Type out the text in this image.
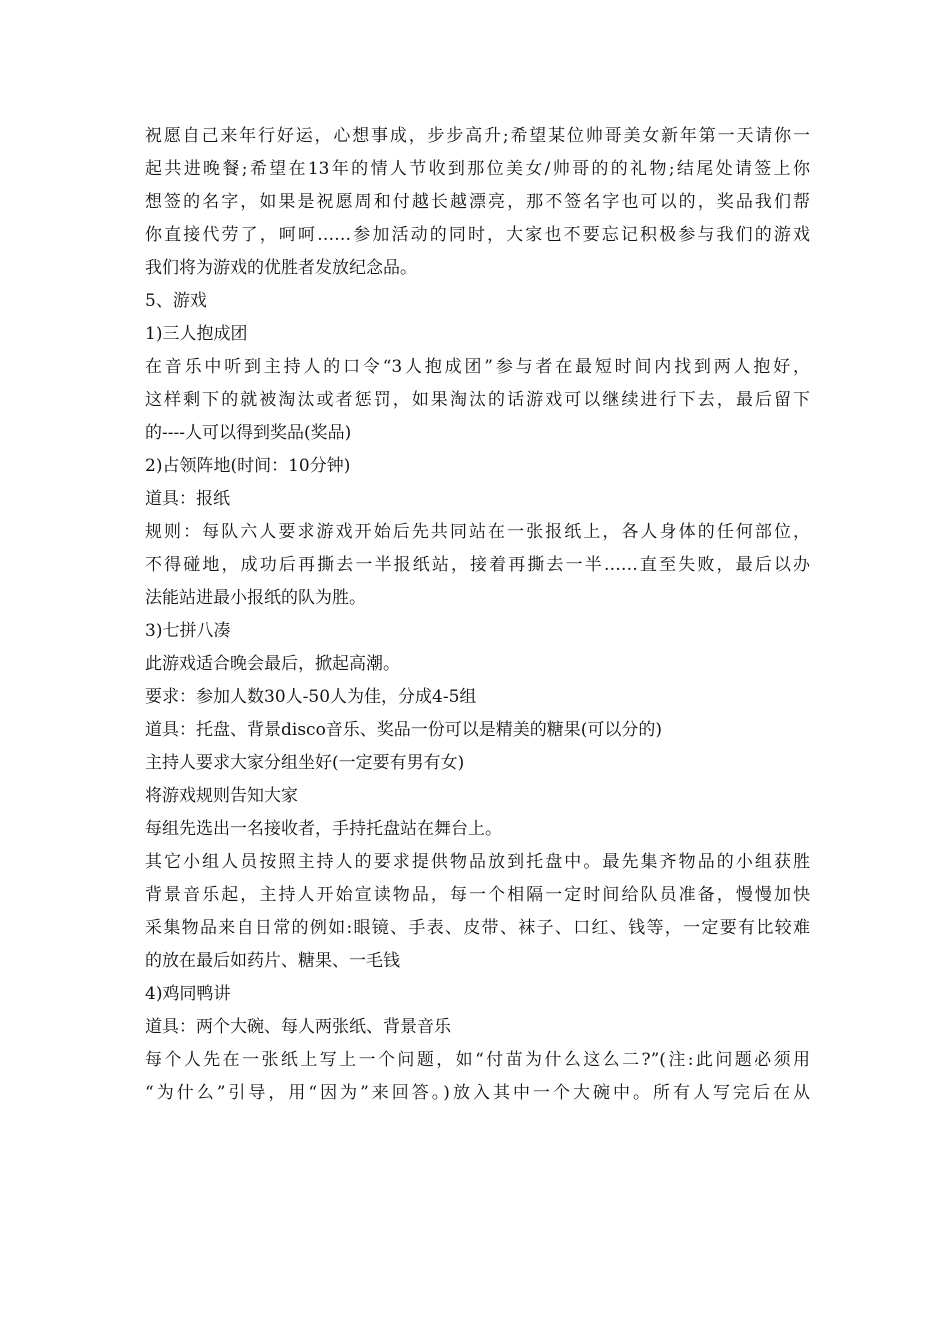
祝愿自己来年行好运，心想事成，步步高升;希望某位帅哥美女新年第一天请你一
起共进晚餐;希望在13年的情人节收到那位美女/帅哥的的礼物;结尾处请签上你
想签的名字，如果是祝愿周和付越长越漂亮，那不签名字也可以的，奖品我们帮
你直接代劳了，呵呵……参加活动的同时，大家也不要忘记积极参与我们的游戏
我们将为游戏的优胜者发放纪念品。
5、游戏
1)三人抱成团
在音乐中听到主持人的口令“3人抱成团”参与者在最短时间内找到两人抱好，
这样剩下的就被淘汰或者惩罚，如果淘汰的话游戏可以继续进行下去，最后留下
的----人可以得到奖品(奖品)
2)占领阵地(时间：10分钟)
道具：报纸
规则：每队六人要求游戏开始后先共同站在一张报纸上，各人身体的任何部位，
不得碰地，成功后再撕去一半报纸站，接着再撕去一半……直至失败，最后以办
法能站进最小报纸的队为胜。
3)七拼八凑
此游戏适合晚会最后，掀起高潮。
要求：参加人数30人-50人为佳，分成4-5组
道具：托盘、背景disco音乐、奖品一份可以是精美的糖果(可以分的)
主持人要求大家分组坐好(一定要有男有女)
将游戏规则告知大家
每组先选出一名接收者，手持托盘站在舞台上。
其它小组人员按照主持人的要求提供物品放到托盘中。最先集齐物品的小组获胜
背景音乐起，主持人开始宣读物品，每一个相隔一定时间给队员准备，慢慢加快
采集物品来自日常的例如:眼镜、手表、皮带、袜子、口红、钱等，一定要有比较难
的放在最后如药片、糖果、一毛钱
4)鸡同鸭讲
道具：两个大碗、每人两张纸、背景音乐
每个人先在一张纸上写上一个问题，如“付苗为什么这么二?”(注:此问题必须用
“为什么”引导，用“因为”来回答。)放入其中一个大碗中。所有人写完后在从
